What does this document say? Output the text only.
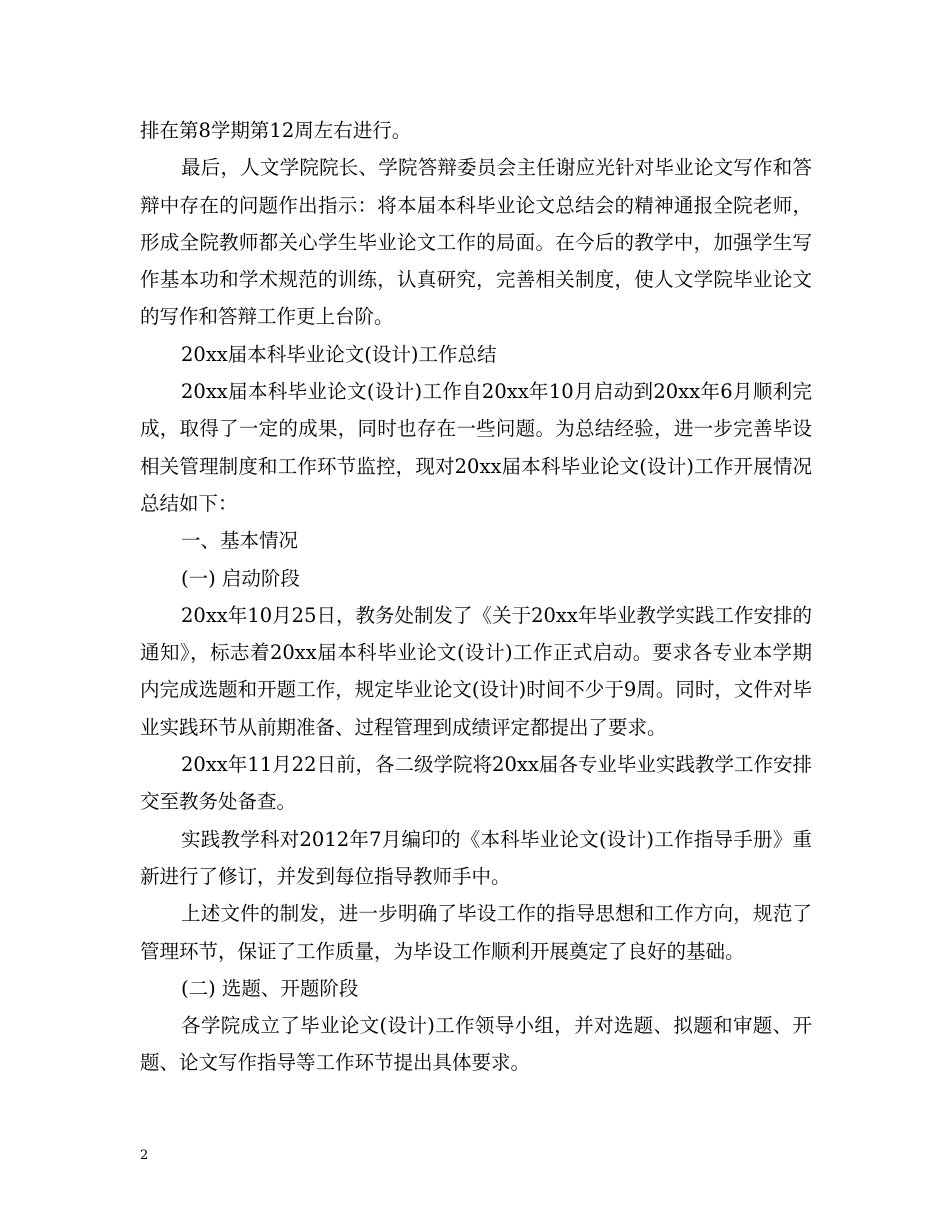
排在第8学期第12周左右进行。

最后，人文学院院长、学院答辩委员会主任谢应光针对毕业论文写作和答辩中存在的问题作出指示：将本届本科毕业论文总结会的精神通报全院老师，形成全院教师都关心学生毕业论文工作的局面。在今后的教学中，加强学生写作基本功和学术规范的训练，认真研究，完善相关制度，使人文学院毕业论文的写作和答辩工作更上台阶。

20xx届本科毕业论文(设计)工作总结

20xx届本科毕业论文(设计)工作自20xx年10月启动到20xx年6月顺利完成，取得了一定的成果，同时也存在一些问题。为总结经验，进一步完善毕设相关管理制度和工作环节监控，现对20xx届本科毕业论文(设计)工作开展情况总结如下：

一、基本情况

(一) 启动阶段

20xx年10月25日，教务处制发了《关于20xx年毕业教学实践工作安排的通知》，标志着20xx届本科毕业论文(设计)工作正式启动。要求各专业本学期内完成选题和开题工作，规定毕业论文(设计)时间不少于9周。同时，文件对毕业实践环节从前期准备、过程管理到成绩评定都提出了要求。

20xx年11月22日前，各二级学院将20xx届各专业毕业实践教学工作安排交至教务处备查。

实践教学科对2012年7月编印的《本科毕业论文(设计)工作指导手册》重新进行了修订，并发到每位指导教师手中。

上述文件的制发，进一步明确了毕设工作的指导思想和工作方向，规范了管理环节，保证了工作质量，为毕设工作顺利开展奠定了良好的基础。

(二) 选题、开题阶段

各学院成立了毕业论文(设计)工作领导小组，并对选题、拟题和审题、开题、论文写作指导等工作环节提出具体要求。

2
